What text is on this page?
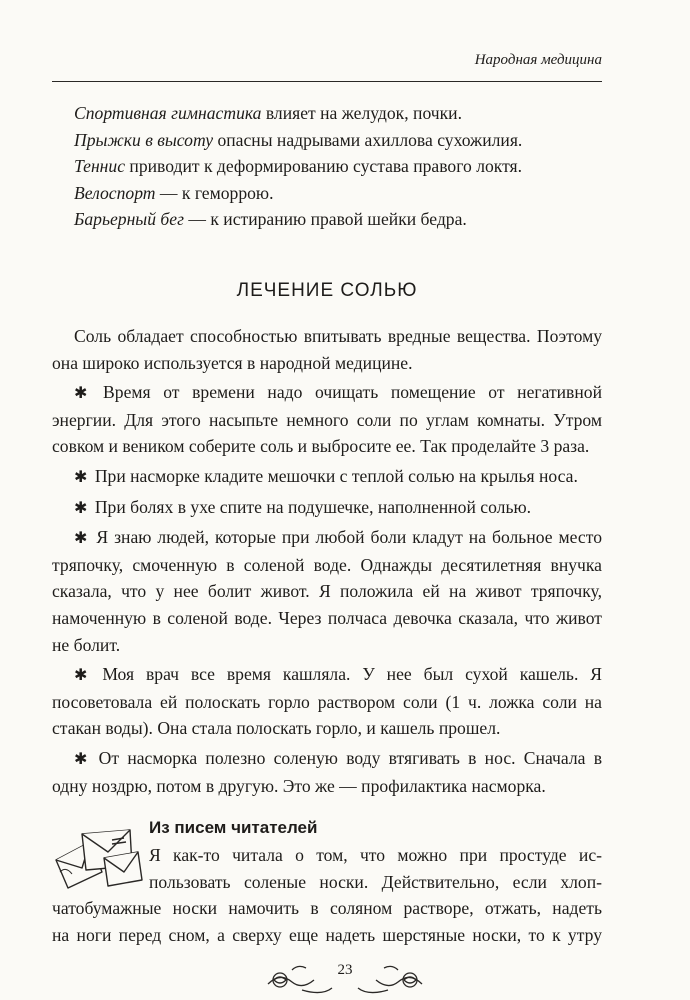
Народная медицина

Спортивная гимнастика влияет на желудок, почки.

Прыжки в высоту опасны надрывами ахиллова сухожилия.

Теннис приводит к деформированию сустава правого локтя.

Велоспорт — к геморрою.

Барьерный бег — к истиранию правой шейки бедра.

ЛЕЧЕНИЕ СОЛЬЮ

Соль обладает способностью впитывать вредные вещества. Поэтому она широко используется в народной медицине.

✱ Время от времени надо очищать помещение от негативной энергии. Для этого насыпьте немного соли по углам комнаты. Утром совком и веником соберите соль и выбросите ее. Так проделайте 3 раза.

✱ При насморке кладите мешочки с теплой солью на крылья носа.

✱ При болях в ухе спите на подушечке, наполненной солью.

✱ Я знаю людей, которые при любой боли кладут на больное место тряпочку, смоченную в соленой воде. Однажды десятилетняя внучка сказала, что у нее болит живот. Я положила ей на живот тряпочку, намоченную в соленой воде. Через полчаса девочка сказала, что живот не болит.

✱ Моя врач все время кашляла. У нее был сухой кашель. Я посоветовала ей полоскать горло раствором соли (1 ч. ложка соли на стакан воды). Она стала полоскать горло, и кашель прошел.

✱ От насморка полезно соленую воду втягивать в нос. Сначала в одну ноздрю, потом в другую. Это же — профилактика насморка.

Из писем читателей
Я как-то читала о том, что можно при простуде ис-
пользовать соленые носки. Действительно, если хлоп-
чатобумажные носки намочить в соляном растворе, отжать, надеть
на ноги перед сном, а сверху еще надеть шерстяные носки, то к утру
23
